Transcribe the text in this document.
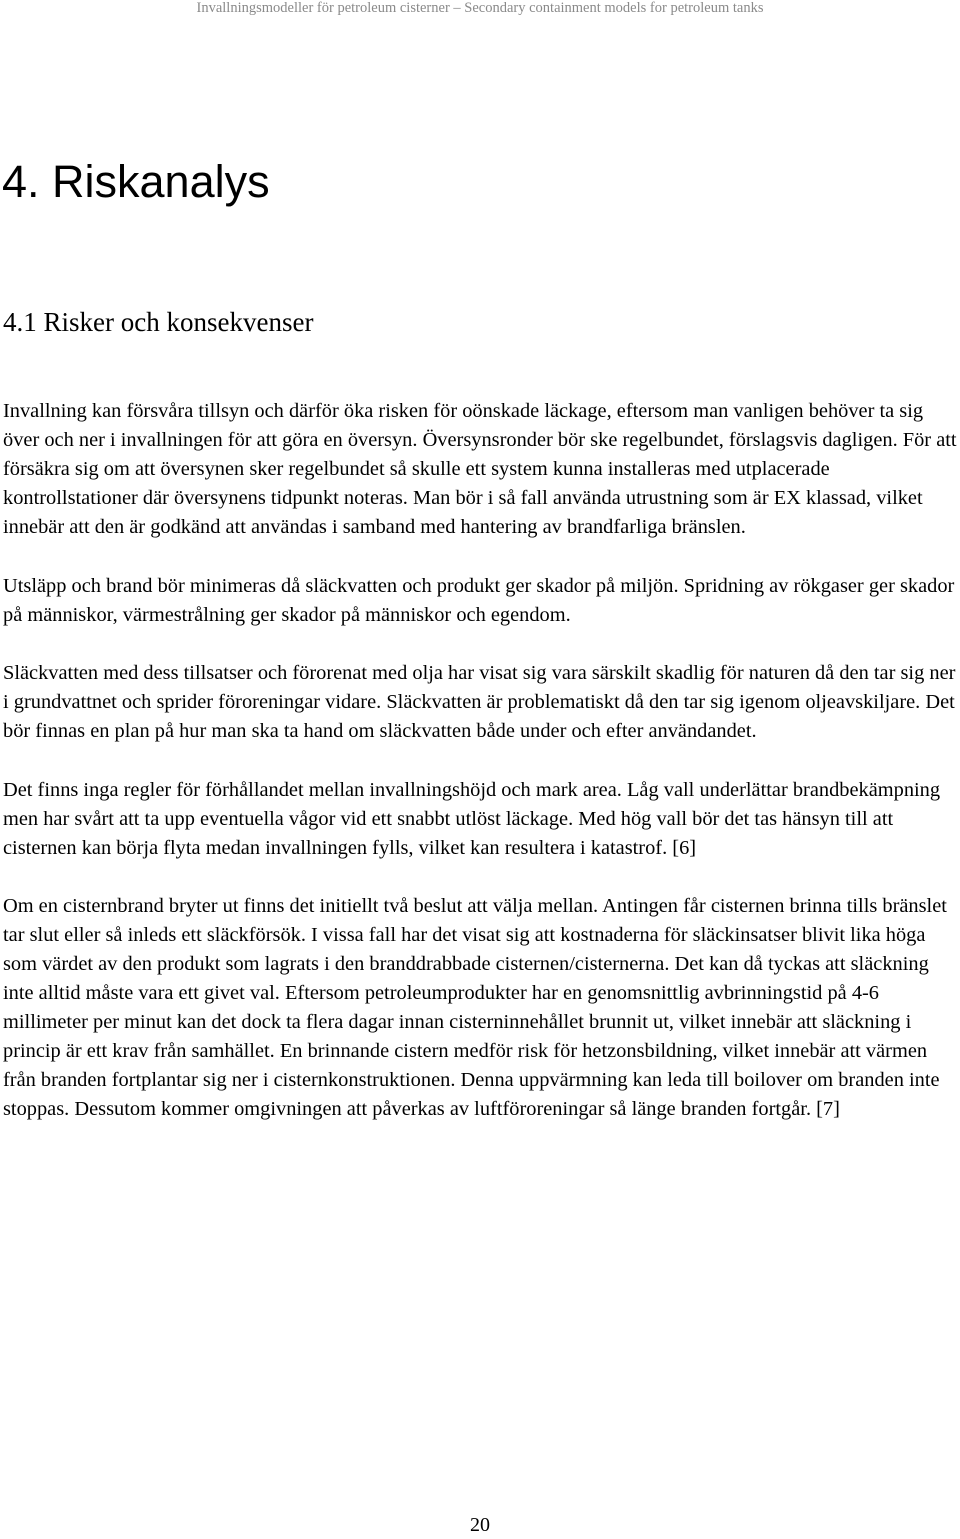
Invallningsmodeller för petroleum cisterner – Secondary containment models for petroleum tanks
4. Riskanalys
4.1 Risker och konsekvenser

Invallning kan försvåra tillsyn och därför öka risken för oönskade läckage, eftersom man vanligen behöver ta sig över och ner i invallningen för att göra en översyn. Översynsronder bör ske regelbundet, förslagsvis dagligen. För att försäkra sig om att översynen sker regelbundet så skulle ett system kunna installeras med utplacerade kontrollstationer där översynens tidpunkt noteras. Man bör i så fall använda utrustning som är EX klassad, vilket innebär att den är godkänd att användas i samband med hantering av brandfarliga bränslen.

Utsläpp och brand bör minimeras då släckvatten och produkt ger skador på miljön. Spridning av rökgaser ger skador på människor, värmestrålning ger skador på människor och egendom.

Släckvatten med dess tillsatser och förorenat med olja har visat sig vara särskilt skadlig för naturen då den tar sig ner i grundvattnet och sprider föroreningar vidare. Släckvatten är problematiskt då den tar sig igenom oljeavskiljare. Det bör finnas en plan på hur man ska ta hand om släckvatten både under och efter användandet.

Det finns inga regler för förhållandet mellan invallningshöjd och mark area. Låg vall underlättar brandbekämpning men har svårt att ta upp eventuella vågor vid ett snabbt utlöst läckage. Med hög vall bör det tas hänsyn till att cisternen kan börja flyta medan invallningen fylls, vilket kan resultera i katastrof. [6]

Om en cisternbrand bryter ut finns det initiellt två beslut att välja mellan. Antingen får cisternen brinna tills bränslet tar slut eller så inleds ett släckförsök. I vissa fall har det visat sig att kostnaderna för släckinsatser blivit lika höga som värdet av den produkt som lagrats i den branddrabbade cisternen/cisternerna. Det kan då tyckas att släckning inte alltid måste vara ett givet val. Eftersom petroleumprodukter har en genomsnittlig avbrinningstid på 4-6 millimeter per minut kan det dock ta flera dagar innan cisterninnehållet brunnit ut, vilket innebär att släckning i princip är ett krav från samhället. En brinnande cistern medför risk för hetzonsbildning, vilket innebär att värmen från branden fortplantar sig ner i cisternkonstruktionen. Denna uppvärmning kan leda till boilover om branden inte stoppas. Dessutom kommer omgivningen att påverkas av luftföroreningar så länge branden fortgår. [7]

20
